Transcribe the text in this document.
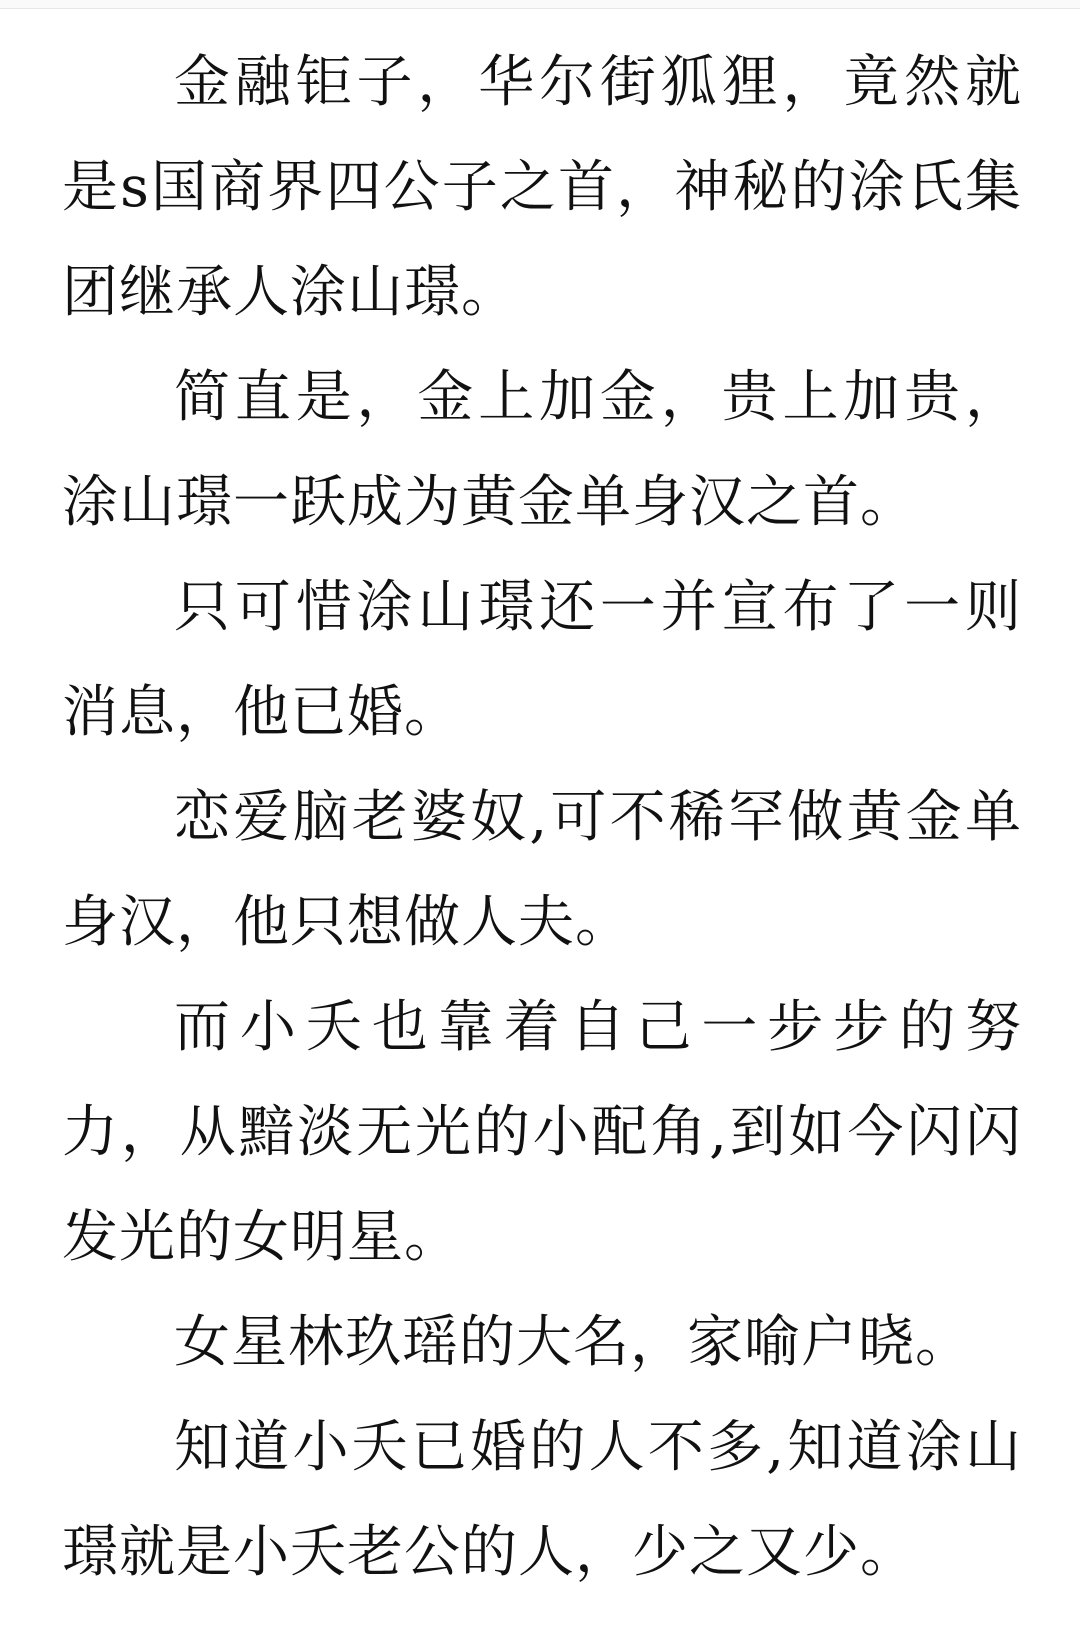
金融钜子，华尔街狐狸，竟然就是s国商界四公子之首，神秘的涂氏集团继承人涂山璟。

简直是，金上加金，贵上加贵，涂山璟一跃成为黄金单身汉之首。

只可惜涂山璟还一并宣布了一则消息，他已婚。

恋爱脑老婆奴,可不稀罕做黄金单身汉，他只想做人夫。

而小夭也靠着自己一步步的努力，从黯淡无光的小配角,到如今闪闪发光的女明星。

女星林玖瑶的大名，家喻户晓。

知道小夭已婚的人不多,知道涂山璟就是小夭老公的人，少之又少。
